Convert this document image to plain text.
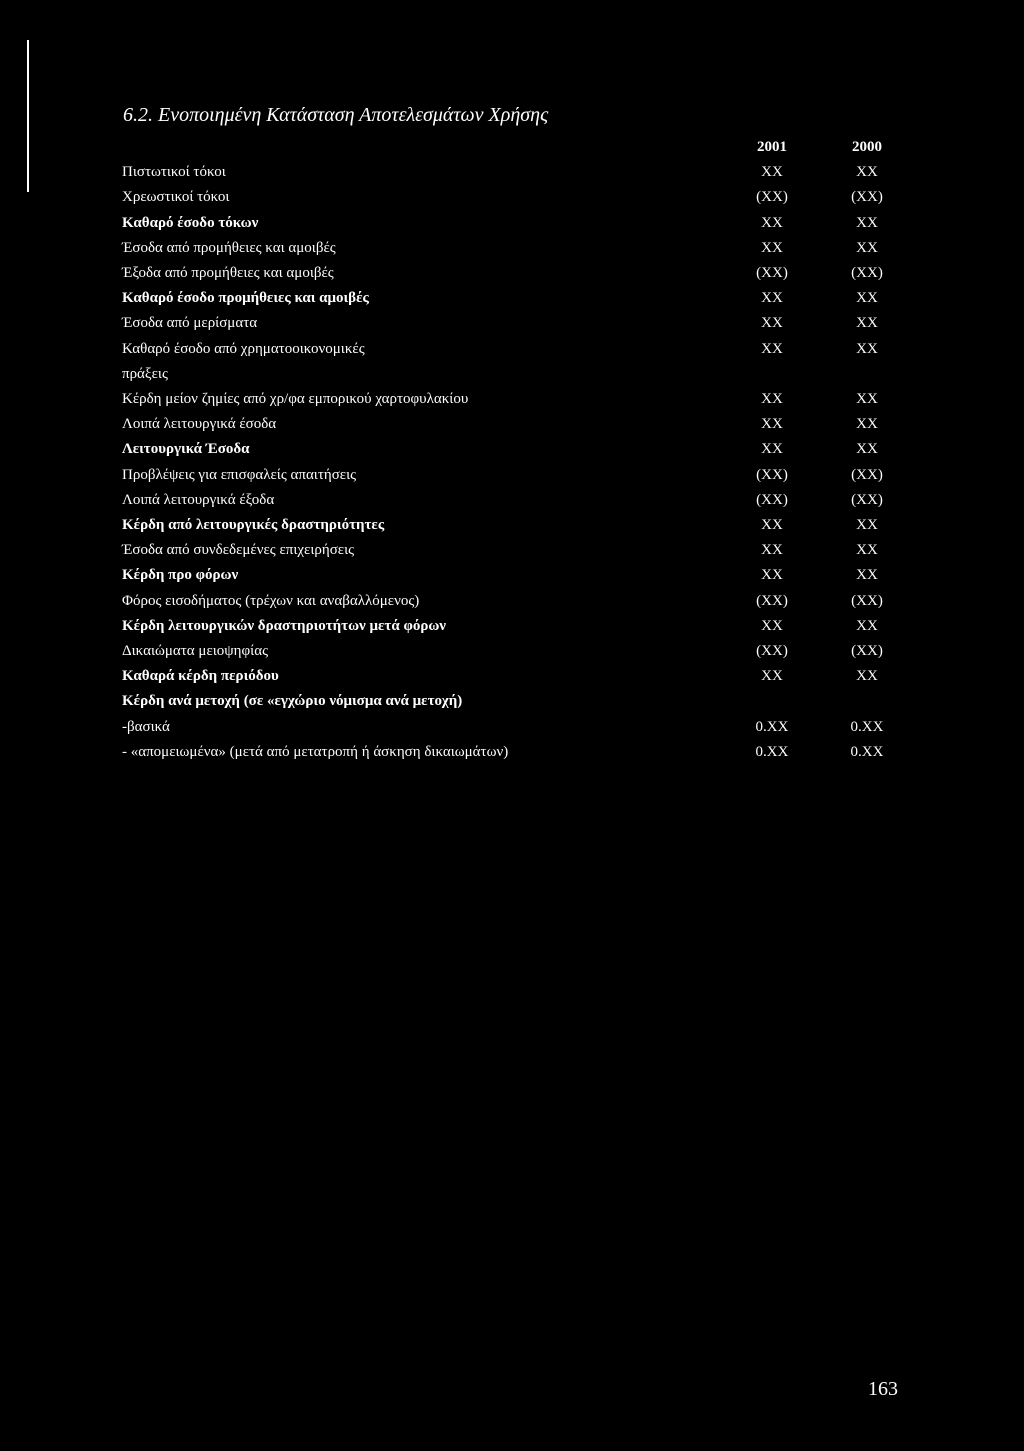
6.2. Ενοποιημένη Κατάσταση Αποτελεσμάτων Χρήσης
	2001	2000
Πιστωτικοί τόκοι	XX	XX
Χρεωστικοί τόκοι	(XX)	(XX)
Καθαρό έσοδο τόκων	XX	XX
Έσοδα από προμήθειες και αμοιβές	XX	XX
Έξοδα από προμήθειες και αμοιβές	(XX)	(XX)
Καθαρό έσοδο προμήθειες και αμοιβές	XX	XX
Έσοδα από μερίσματα	XX	XX
Καθαρό έσοδο από χρηματοοικονομικές	XX	XX
πράξεις		
Κέρδη μείον ζημίες από χρ/φα εμπορικού χαρτοφυλακίου	XX	XX
Λοιπά λειτουργικά έσοδα	XX	XX
Λειτουργικά Έσοδα	XX	XX
Προβλέψεις για επισφαλείς απαιτήσεις	(XX)	(XX)
Λοιπά λειτουργικά έξοδα	(XX)	(XX)
Κέρδη από λειτουργικές δραστηριότητες	XX	XX
Έσοδα από συνδεδεμένες επιχειρήσεις	XX	XX
Κέρδη προ φόρων	XX	XX
Φόρος εισοδήματος (τρέχων και αναβαλλόμενος)	(XX)	(XX)
Κέρδη λειτουργικών δραστηριοτήτων μετά φόρων	XX	XX
Δικαιώματα μειοψηφίας	(XX)	(XX)
Καθαρά κέρδη περιόδου	XX	XX
Κέρδη ανά μετοχή (σε «εγχώριο νόμισμα ανά μετοχή)		
-βασικά	0.XX	0.XX
- «απομειωμένα» (μετά από μετατροπή ή άσκηση δικαιωμάτων)	0.XX	0.XX
163
